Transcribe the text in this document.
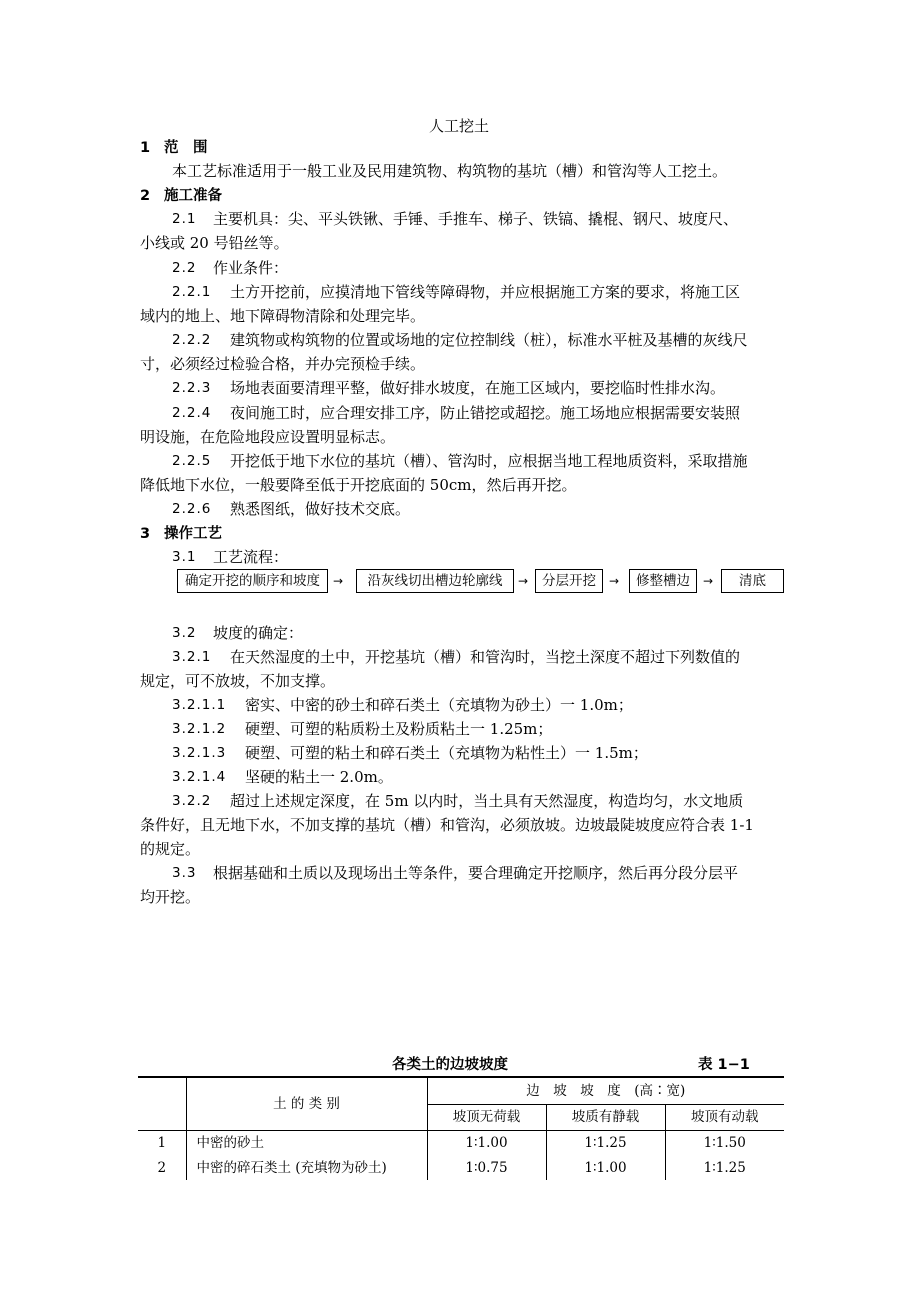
人工挖土
1 范　围
本工艺标准适用于一般工业及民用建筑物、构筑物的基坑（槽）和管沟等人工挖土。
2 施工准备
2.1 主要机具：尖、平头铁锹、手锤、手推车、梯子、铁镐、撬棍、钢尺、坡度尺、
小线或 20 号铅丝等。
2.2 作业条件：
2.2.1 土方开挖前，应摸清地下管线等障碍物，并应根据施工方案的要求，将施工区
域内的地上、地下障碍物清除和处理完毕。
2.2.2 建筑物或构筑物的位置或场地的定位控制线（桩），标准水平桩及基槽的灰线尺
寸，必须经过检验合格，并办完预检手续。
2.2.3 场地表面要清理平整，做好排水坡度，在施工区域内，要挖临时性排水沟。
2.2.4 夜间施工时，应合理安排工序，防止错挖或超挖。施工场地应根据需要安装照
明设施，在危险地段应设置明显标志。
2.2.5 开挖低于地下水位的基坑（槽）、管沟时，应根据当地工程地质资料，采取措施
降低地下水位，一般要降至低于开挖底面的 50cm，然后再开挖。
2.2.6 熟悉图纸，做好技术交底。
3 操作工艺
3.1 工艺流程：
确定开挖的顺序和坡度	→	沿灰线切出槽边轮廓线	→	分层开挖	→	修整槽边	→	清底
3.2 坡度的确定：
3.2.1 在天然湿度的土中，开挖基坑（槽）和管沟时，当挖土深度不超过下列数值的
规定，可不放坡，不加支撑。
3.2.1.1 密实、中密的砂土和碎石类土（充填物为砂土）一 1.0m；
3.2.1.2 硬塑、可塑的粘质粉土及粉质粘土一 1.25m；
3.2.1.3 硬塑、可塑的粘土和碎石类土（充填物为粘性土）一 1.5m；
3.2.1.4 坚硬的粘土一 2.0m。
3.2.2 超过上述规定深度，在 5m 以内时，当土具有天然湿度，构造均匀，水文地质
条件好，且无地下水，不加支撑的基坑（槽）和管沟，必须放坡。边坡最陡坡度应符合表 1-1
的规定。
3.3 根据基础和土质以及现场出土等条件，要合理确定开挖顺序，然后再分段分层平
均开挖。
各类土的边坡坡度	表 1−1
	土 的 类 别	边　坡　坡　度　(高∶宽)		
		坡顶无荷载	坡质有静载	坡顶有动载
1	中密的砂土	1∶1.00	1∶1.25	1∶1.50
2	中密的碎石类土 (充填物为砂土)	1∶0.75	1∶1.00	1∶1.25
